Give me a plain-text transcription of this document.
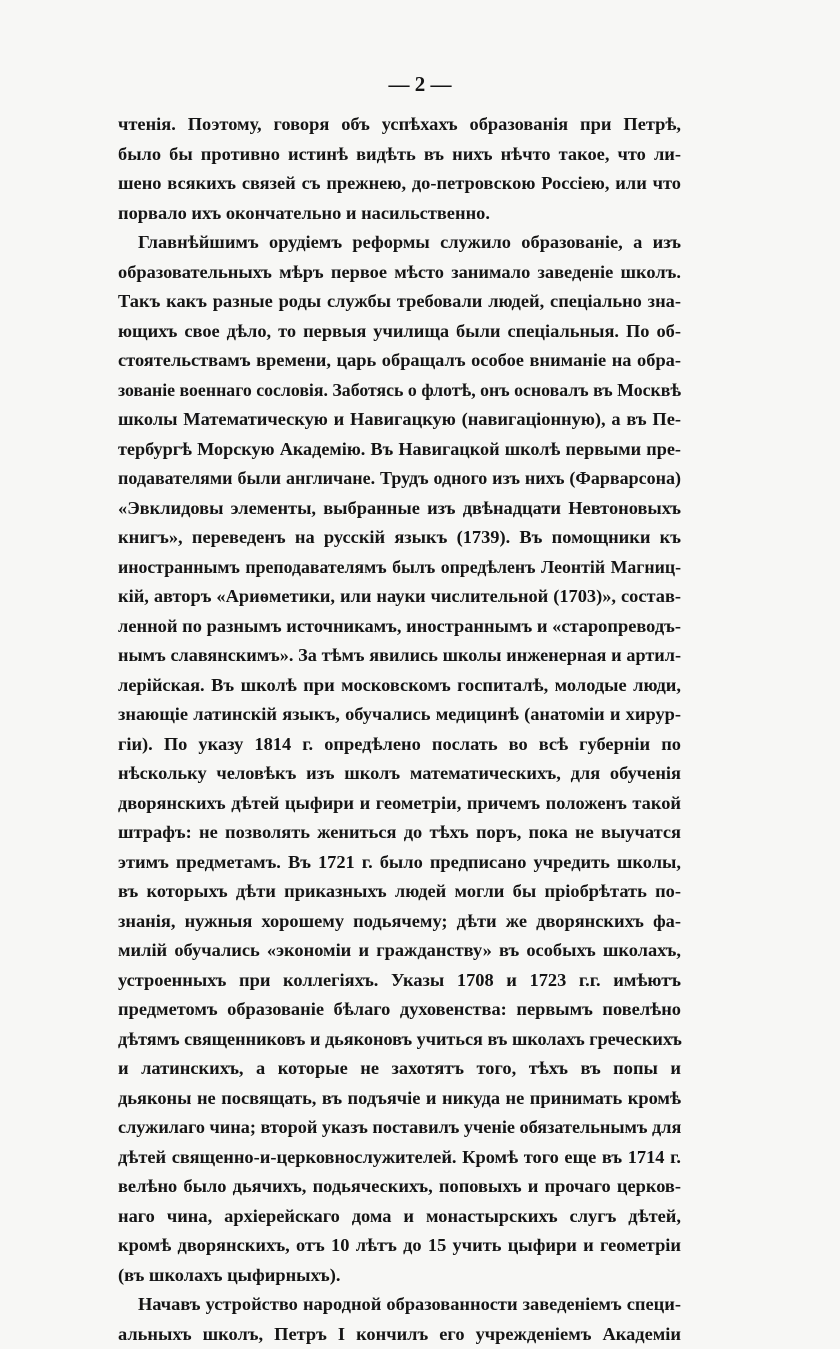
— 2 —
чтенія. Поэтому, говоря объ успѣхахъ образованія при Петрѣ,
было бы противно истинѣ видѣть въ нихъ нѣчто такое, что ли-
шено всякихъ связей съ прежнею, до-петровскою Россіею, или что
порвало ихъ окончательно и насильственно.
Главнѣйшимъ орудіемъ реформы служило образованіе, а изъ
образовательныхъ мѣръ первое мѣсто занимало заведеніе школъ.
Такъ какъ разные роды службы требовали людей, спеціально зна-
ющихъ свое дѣло, то первыя училища были спеціальныя. По об-
стоятельствамъ времени, царь обращалъ особое вниманіе на обра-
зованіе военнаго сословія. Заботясь о флотѣ, онъ основалъ въ Москвѣ
школы Математическую и Навигацкую (навигаціонную), а въ Пе-
тербургѣ Морскую Академію. Въ Навигацкой школѣ первыми пре-
подавателями были англичане. Трудъ одного изъ нихъ (Фарварсона)
«Эвклидовы элементы, выбранные изъ двѣнадцати Невтоновыхъ
книгъ», переведенъ на русскій языкъ (1739). Въ помощники къ
иностраннымъ преподавателямъ былъ опредѣленъ Леонтій Магниц-
кій, авторъ «Ариѳметики, или науки числительной (1703)», состав-
ленной по разнымъ источникамъ, иностраннымъ и «старопреводъ-
нымъ славянскимъ». За тѣмъ явились школы инженерная и артил-
лерійская. Въ школѣ при московскомъ госпиталѣ, молодые люди,
знающіе латинскій языкъ, обучались медицинѣ (анатоміи и хирур-
гіи). По указу 1814 г. опредѣлено послать во всѣ губерніи по
нѣскольку человѣкъ изъ школъ математическихъ, для обученія
дворянскихъ дѣтей цыфири и геометріи, причемъ положенъ такой
штрафъ: не позволять жениться до тѣхъ поръ, пока не выучатся
этимъ предметамъ. Въ 1721 г. было предписано учредить школы,
въ которыхъ дѣти приказныхъ людей могли бы пріобрѣтать по-
знанія, нужныя хорошему подьячему; дѣти же дворянскихъ фа-
милій обучались «экономіи и гражданству» въ особыхъ школахъ,
устроенныхъ при коллегіяхъ. Указы 1708 и 1723 г.г. имѣютъ
предметомъ образованіе бѣлаго духовенства: первымъ повелѣно
дѣтямъ священниковъ и дьяконовъ учиться въ школахъ греческихъ
и латинскихъ, а которые не захотятъ того, тѣхъ въ попы и
дьяконы не посвящать, въ подъячіе и никуда не принимать кромѣ
служилаго чина; второй указъ поставилъ ученіе обязательнымъ для
дѣтей священно-и-церковнослужителей. Кромѣ того еще въ 1714 г.
велѣно было дьячихъ, подьяческихъ, поповыхъ и прочаго церков-
наго чина, архіерейскаго дома и монастырскихъ слугъ дѣтей,
кромѣ дворянскихъ, отъ 10 лѣтъ до 15 учить цыфири и геометріи
(въ школахъ цыфирныхъ).
Начавъ устройство народной образованности заведеніемъ специ-
альныхъ школъ, Петръ I кончилъ его учрежденіемъ Академіи
